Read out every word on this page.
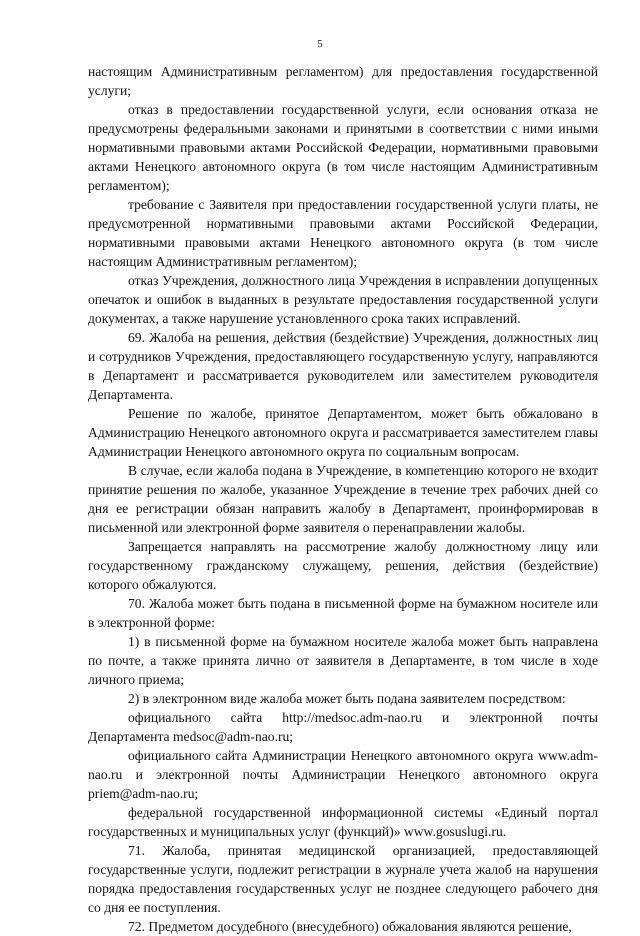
5

настоящим Административным регламентом) для предоставления государственной услуги;

отказ в предоставлении государственной услуги, если основания отказа не предусмотрены федеральными законами и принятыми в соответствии с ними иными нормативными правовыми актами Российской Федерации, нормативными правовыми актами Ненецкого автономного округа (в том числе настоящим Административным регламентом);

требование с Заявителя при предоставлении государственной услуги платы, не предусмотренной нормативными правовыми актами Российской Федерации, нормативными правовыми актами Ненецкого автономного округа (в том числе настоящим Административным регламентом);

отказ Учреждения, должностного лица Учреждения в исправлении допущенных опечаток и ошибок в выданных в результате предоставления государственной услуги документах, а также нарушение установленного срока таких исправлений.

69. Жалоба на решения, действия (бездействие) Учреждения, должностных лиц и сотрудников Учреждения, предоставляющего государственную услугу, направляются в Департамент и рассматривается руководителем или заместителем руководителя Департамента.

Решение по жалобе, принятое Департаментом, может быть обжаловано в Администрацию Ненецкого автономного округа и рассматривается заместителем главы Администрации Ненецкого автономного округа по социальным вопросам.

В случае, если жалоба подана в Учреждение, в компетенцию которого не входит принятие решения по жалобе, указанное Учреждение в течение трех рабочих дней со дня ее регистрации обязан направить жалобу в Департамент, проинформировав в письменной или электронной форме заявителя о перенаправлении жалобы.

Запрещается направлять на рассмотрение жалобу должностному лицу или государственному гражданскому служащему, решения, действия (бездействие) которого обжалуются.

70. Жалоба может быть подана в письменной форме на бумажном носителе или в электронной форме:

1) в письменной форме на бумажном носителе жалоба может быть направлена по почте, а также принята лично от заявителя в Департаменте, в том числе в ходе личного приема;

2) в электронном виде жалоба может быть подана заявителем посредством:

официального сайта http://medsoc.adm-nao.ru и электронной почты Департамента medsoc@adm-nao.ru;

официального сайта Администрации Ненецкого автономного округа www.adm-nao.ru и электронной почты Администрации Ненецкого автономного округа priem@adm-nao.ru;

федеральной государственной информационной системы «Единый портал государственных и муниципальных услуг (функций)» www.gosuslugi.ru.

71. Жалоба, принятая медицинской организацией, предоставляющей государственные услуги, подлежит регистрации в журнале учета жалоб на нарушения порядка предоставления государственных услуг не позднее следующего рабочего дня со дня ее поступления.

72. Предметом досудебного (внесудебного) обжалования являются решение,
